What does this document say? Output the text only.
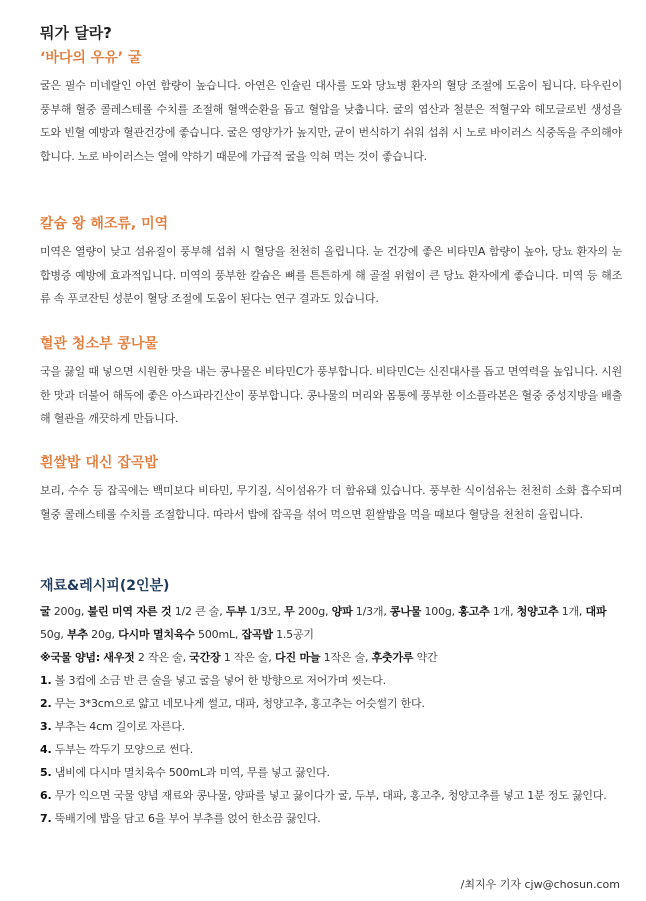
뭐가 달라?
‘바다의 우유’ 굴

굴은 필수 미네랄인 아연 함량이 높습니다. 아연은 인슐린 대사를 도와 당뇨병 환자의 혈당 조절에 도움이 됩니다. 타우린이 풍부해 혈중 콜레스테롤 수치를 조절해 혈액순환을 돕고 혈압을 낮춥니다. 굴의 엽산과 철분은 적혈구와 헤모글로빈 생성을 도와 빈혈 예방과 혈관건강에 좋습니다. 굴은 영양가가 높지만, 균이 번식하기 쉬워 섭취 시 노로 바이러스 식중독을 주의해야 합니다. 노로 바이러스는 열에 약하기 때문에 가급적 굴을 익혀 먹는 것이 좋습니다.

칼슘 왕 해조류, 미역

미역은 열량이 낮고 섬유질이 풍부해 섭취 시 혈당을 천천히 올립니다. 눈 건강에 좋은 비타민A 함량이 높아, 당뇨 환자의 눈 합병증 예방에 효과적입니다. 미역의 풍부한 칼슘은 뼈를 튼튼하게 해 골절 위험이 큰 당뇨 환자에게 좋습니다. 미역 등 해조류 속 푸코잔틴 성분이 혈당 조절에 도움이 된다는 연구 결과도 있습니다.

혈관 청소부 콩나물

국을 끓일 때 넣으면 시원한 맛을 내는 콩나물은 비타민C가 풍부합니다. 비타민C는 신진대사를 돕고 면역력을 높입니다. 시원한 맛과 더불어 해독에 좋은 아스파라긴산이 풍부합니다. 콩나물의 머리와 몸통에 풍부한 이소플라본은 혈중 중성지방을 배출해 혈관을 깨끗하게 만듭니다.

흰쌀밥 대신 잡곡밥

보리, 수수 등 잡곡에는 백미보다 비타민, 무기질, 식이섬유가 더 함유돼 있습니다. 풍부한 식이섬유는 천천히 소화 흡수되며 혈중 콜레스테롤 수치를 조절합니다. 따라서 밥에 잡곡을 섞어 먹으면 흰쌀밥을 먹을 때보다 혈당을 천천히 올립니다.

재료&레시피(2인분)
굴 200g, 불린 미역 자른 것 1/2 큰 술, 두부 1/3모, 무 200g, 양파 1/3개, 콩나물 100g, 홍고추 1개, 청양고추 1개, 대파 50g, 부추 20g, 다시마 멸치육수 500mL, 잡곡밥 1.5공기
※국물 양념: 새우젓 2 작은 술, 국간장 1 작은 술, 다진 마늘 1작은 술, 후춧가루 약간
1. 볼 3컵에 소금 반 큰 술을 넣고 굴을 넣어 한 방향으로 저어가며 씻는다.
2. 무는 3*3cm으로 얇고 네모나게 썰고, 대파, 청양고추, 홍고추는 어슷썰기 한다.
3. 부추는 4cm 길이로 자른다.
4. 두부는 깍두기 모양으로 썬다.
5. 냄비에 다시마 멸치육수 500mL과 미역, 무를 넣고 끓인다.
6. 무가 익으면 국물 양념 재료와 콩나물, 양파를 넣고 끓이다가 굴, 두부, 대파, 홍고추, 청양고추를 넣고 1분 정도 끓인다.
7. 뚝배기에 밥을 담고 6을 부어 부추를 얹어 한소끔 끓인다.
/최지우 기자 cjw@chosun.com
